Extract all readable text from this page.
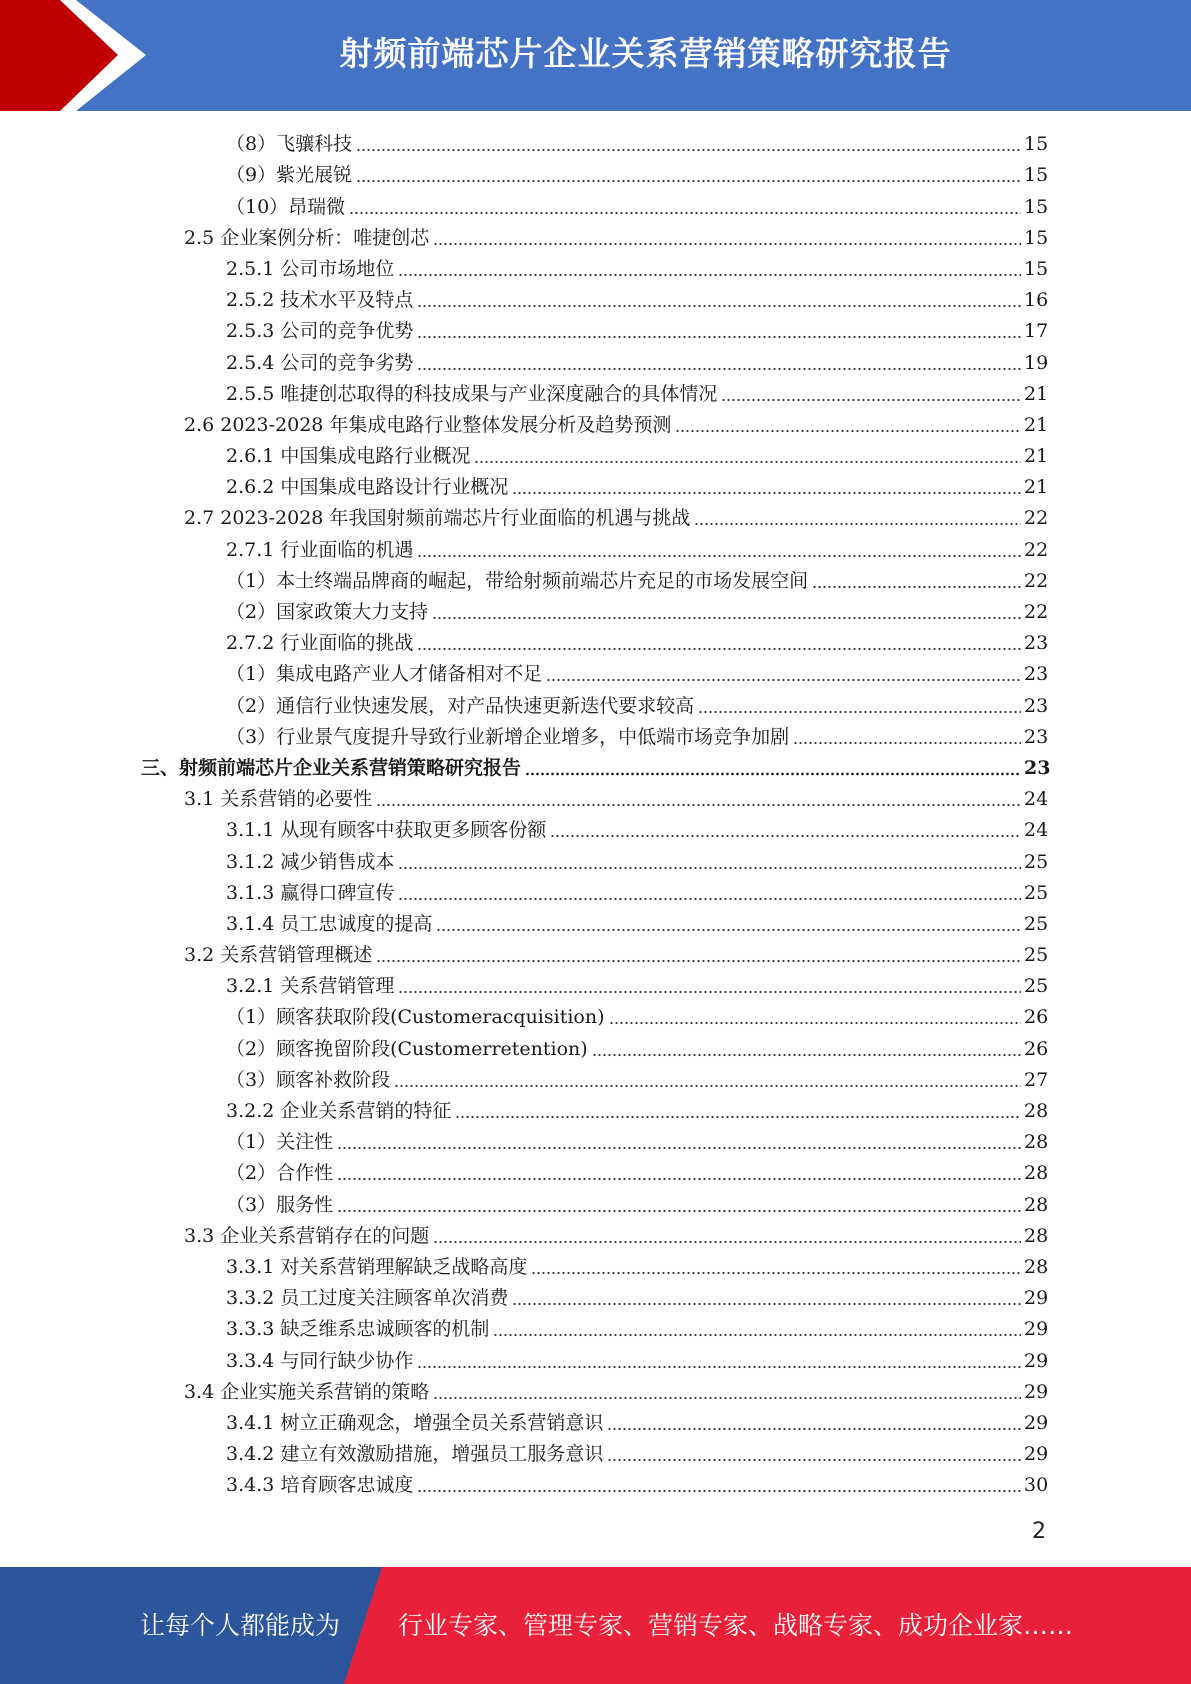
射频前端芯片企业关系营销策略研究报告
（8）飞骧科技	15
（9）紫光展锐	15
（10）昂瑞微	15
2.5 企业案例分析：唯捷创芯	15
2.5.1 公司市场地位	15
2.5.2 技术水平及特点	16
2.5.3 公司的竞争优势	17
2.5.4 公司的竞争劣势	19
2.5.5 唯捷创芯取得的科技成果与产业深度融合的具体情况	21
2.6 2023-2028 年集成电路行业整体发展分析及趋势预测	21
2.6.1 中国集成电路行业概况	21
2.6.2 中国集成电路设计行业概况	21
2.7 2023-2028 年我国射频前端芯片行业面临的机遇与挑战	22
2.7.1 行业面临的机遇	22
（1）本土终端品牌商的崛起，带给射频前端芯片充足的市场发展空间	22
（2）国家政策大力支持	22
2.7.2 行业面临的挑战	23
（1）集成电路产业人才储备相对不足	23
（2）通信行业快速发展，对产品快速更新迭代要求较高	23
（3）行业景气度提升导致行业新增企业增多，中低端市场竞争加剧	23
三、射频前端芯片企业关系营销策略研究报告	23
3.1 关系营销的必要性	24
3.1.1 从现有顾客中获取更多顾客份额	24
3.1.2 减少销售成本	25
3.1.3 赢得口碑宣传	25
3.1.4 员工忠诚度的提高	25
3.2 关系营销管理概述	25
3.2.1 关系营销管理	25
（1）顾客获取阶段(Customeracquisition)	26
（2）顾客挽留阶段(Customerretention)	26
（3）顾客补救阶段	27
3.2.2 企业关系营销的特征	28
（1）关注性	28
（2）合作性	28
（3）服务性	28
3.3 企业关系营销存在的问题	28
3.3.1 对关系营销理解缺乏战略高度	28
3.3.2 员工过度关注顾客单次消费	29
3.3.3 缺乏维系忠诚顾客的机制	29
3.3.4 与同行缺少协作	29
3.4 企业实施关系营销的策略	29
3.4.1 树立正确观念，增强全员关系营销意识	29
3.4.2 建立有效激励措施，增强员工服务意识	29
3.4.3 培育顾客忠诚度	30
2
让每个人都能成为 行业专家、管理专家、营销专家、战略专家、成功企业家……
